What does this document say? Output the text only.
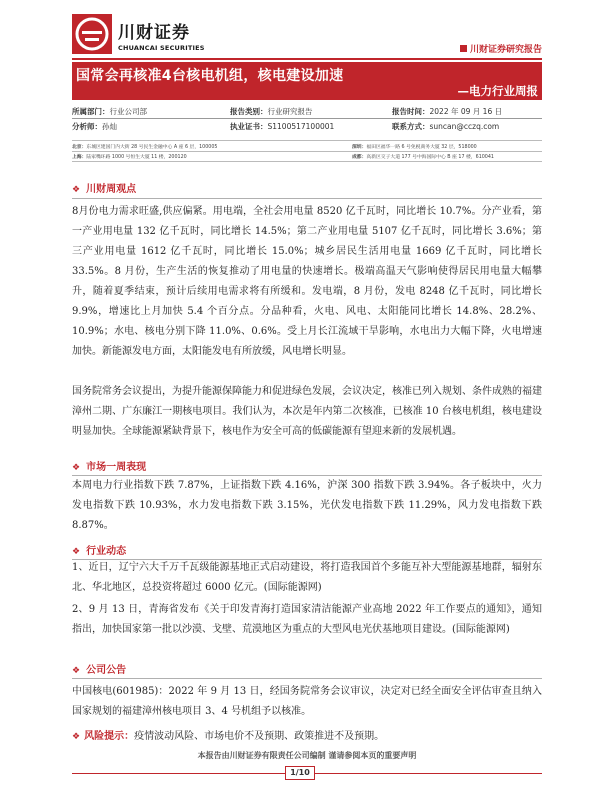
川财证券
CHUANCAI SECURITIES	川财证券研究报告
国常会再核准4台核电机组，核电建设加速
—电力行业周报
所属部门： 行业公司部	报告类别： 行业研究报告	报告时间： 2022 年 09 月 16 日
分析师： 孙灿	执业证书： S1100517100001	联系方式： suncan@cczq.com
北京：东城区建国门内大街 28 号民生金融中心 A 座 6 层，100005	深圳：福田区福华一路 6 号免税商务大厦 32 层，518000
上海：陆家嘴环路 1000 号恒生大厦 11 楼，200120	成都：高新区交子大道 177 号中海国际中心 B 座 17 楼，610041
❖ 川财周观点
8月份电力需求旺盛,供应偏紧。用电端，全社会用电量 8520 亿千瓦时，同比增长 10.7%。分产业看，第一产业用电量 132 亿千瓦时，同比增长 14.5%；第二产业用电量 5107 亿千瓦时，同比增长 3.6%；第三产业用电量 1612 亿千瓦时，同比增长 15.0%；城乡居民生活用电量 1669 亿千瓦时，同比增长 33.5%。8 月份，生产生活的恢复推动了用电量的快速增长。极端高温天气影响使得居民用电量大幅攀升，随着夏季结束，预计后续用电需求将有所缓和。发电端，8 月份，发电 8248 亿千瓦时，同比增长 9.9%，增速比上月加快 5.4 个百分点。分品种看，火电、风电、太阳能同比增长 14.8%、28.2%、10.9%；水电、核电分别下降 11.0%、0.6%。受上月长江流域干旱影响，水电出力大幅下降，火电增速加快。新能源发电方面，太阳能发电有所放缓，风电增长明显。
国务院常务会议提出，为提升能源保障能力和促进绿色发展，会议决定，核准已列入规划、条件成熟的福建漳州二期、广东廉江一期核电项目。我们认为，本次是年内第二次核准，已核准 10 台核电机组，核电建设明显加快。全球能源紧缺背景下，核电作为安全可高的低碳能源有望迎来新的发展机遇。
❖ 市场一周表现
本周电力行业指数下跌 7.87%，上证指数下跌 4.16%，沪深 300 指数下跌 3.94%。各子板块中，火力发电指数下跌 10.93%，水力发电指数下跌 3.15%，光伏发电指数下跌 11.29%，风力发电指数下跌 8.87%。
❖ 行业动态
1、近日，辽宁六大千万千瓦级能源基地正式启动建设，将打造我国首个多能互补大型能源基地群，辐射东北、华北地区，总投资将超过 6000 亿元。(国际能源网)
2、9 月 13 日，青海省发布《关于印发青海打造国家清洁能源产业高地 2022 年工作要点的通知》，通知指出，加快国家第一批以沙漠、戈壁、荒漠地区为重点的大型风电光伏基地项目建设。(国际能源网)
❖ 公司公告
中国核电(601985)：2022 年 9 月 13 日，经国务院常务会议审议，决定对已经全面安全评估审查且纳入国家规划的福建漳州核电项目 3、4 号机组予以核准。
❖ 风险提示：疫情波动风险、市场电价不及预期、政策推进不及预期。
本报告由川财证券有限责任公司编制 谨请参阅本页的重要声明
1/10
